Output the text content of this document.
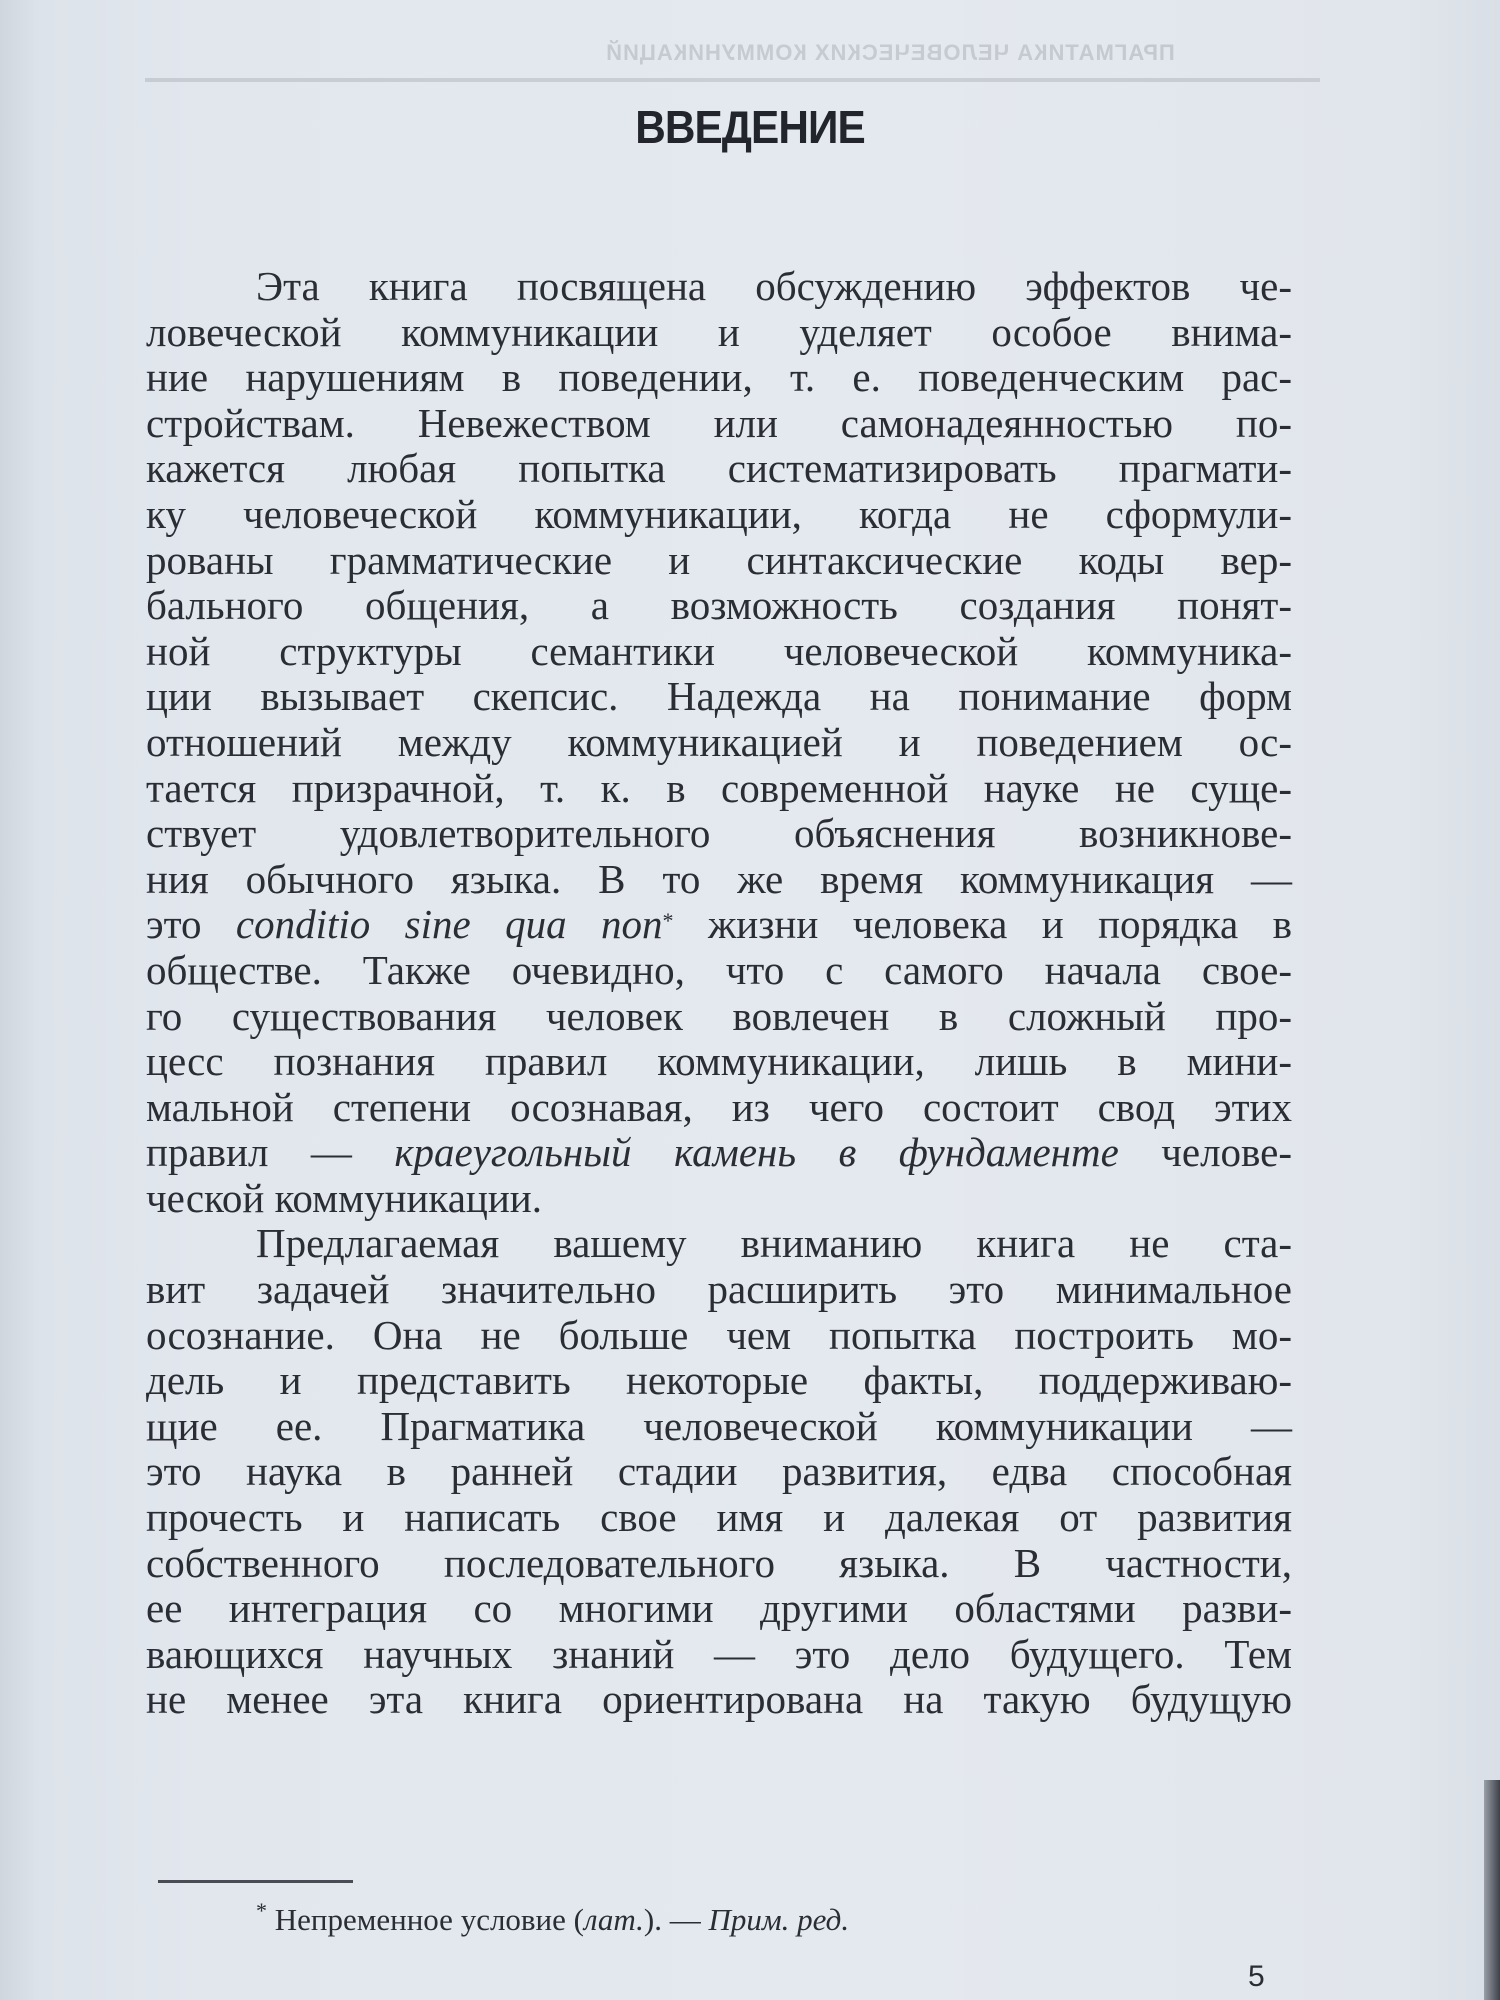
ПРАГМАТИКА ЧЕЛОВЕЧЕСКИХ КОММУНИКАЦИЙ
ВВЕДЕНИЕ
Эта книга посвящена обсуждению эффектов че-
ловеческой коммуникации и уделяет особое внима-
ние нарушениям в поведении, т. е. поведенческим рас-
стройствам. Невежеством или самонадеянностью по-
кажется любая попытка систематизировать прагмати-
ку человеческой коммуникации, когда не сформули-
рованы грамматические и синтаксические коды вер-
бального общения, а возможность создания понят-
ной структуры семантики человеческой коммуника-
ции вызывает скепсис. Надежда на понимание форм
отношений между коммуникацией и поведением ос-
тается призрачной, т. к. в современной науке не суще-
ствует удовлетворительного объяснения возникнове-
ния обычного языка. В то же время коммуникация —
это conditio sine qua non* жизни человека и порядка в
обществе. Также очевидно, что с самого начала свое-
го существования человек вовлечен в сложный про-
цесс познания правил коммуникации, лишь в мини-
мальной степени осознавая, из чего состоит свод этих
правил — краеугольный камень в фундаменте челове-
ческой коммуникации.
Предлагаемая вашему вниманию книга не ста-
вит задачей значительно расширить это минимальное
осознание. Она не больше чем попытка построить мо-
дель и представить некоторые факты, поддерживаю-
щие ее. Прагматика человеческой коммуникации —
это наука в ранней стадии развития, едва способная
прочесть и написать свое имя и далекая от развития
собственного последовательного языка. В частности,
ее интеграция со многими другими областями разви-
вающихся научных знаний — это дело будущего. Тем
не менее эта книга ориентирована на такую будущую
* Непременное условие (лат.). — Прим. ред.
5
